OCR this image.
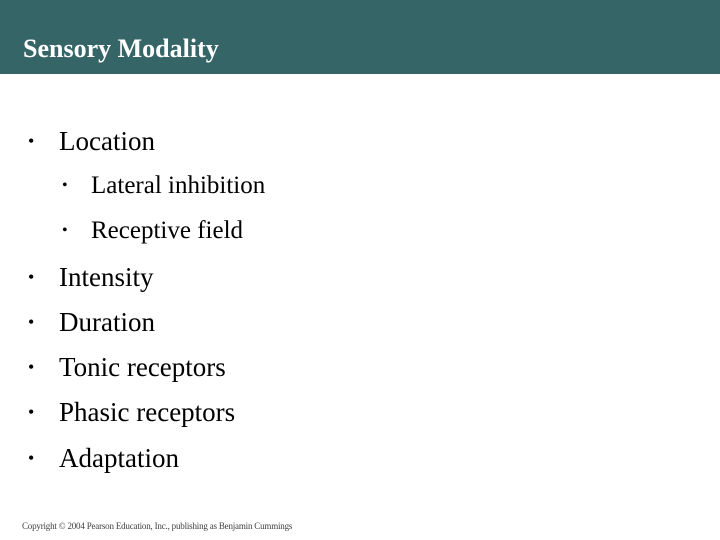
Sensory Modality
• Location
• Lateral inhibition
• Receptive field
• Intensity
• Duration
• Tonic receptors
• Phasic receptors
• Adaptation
Copyright © 2004 Pearson Education, Inc., publishing as Benjamin Cummings
